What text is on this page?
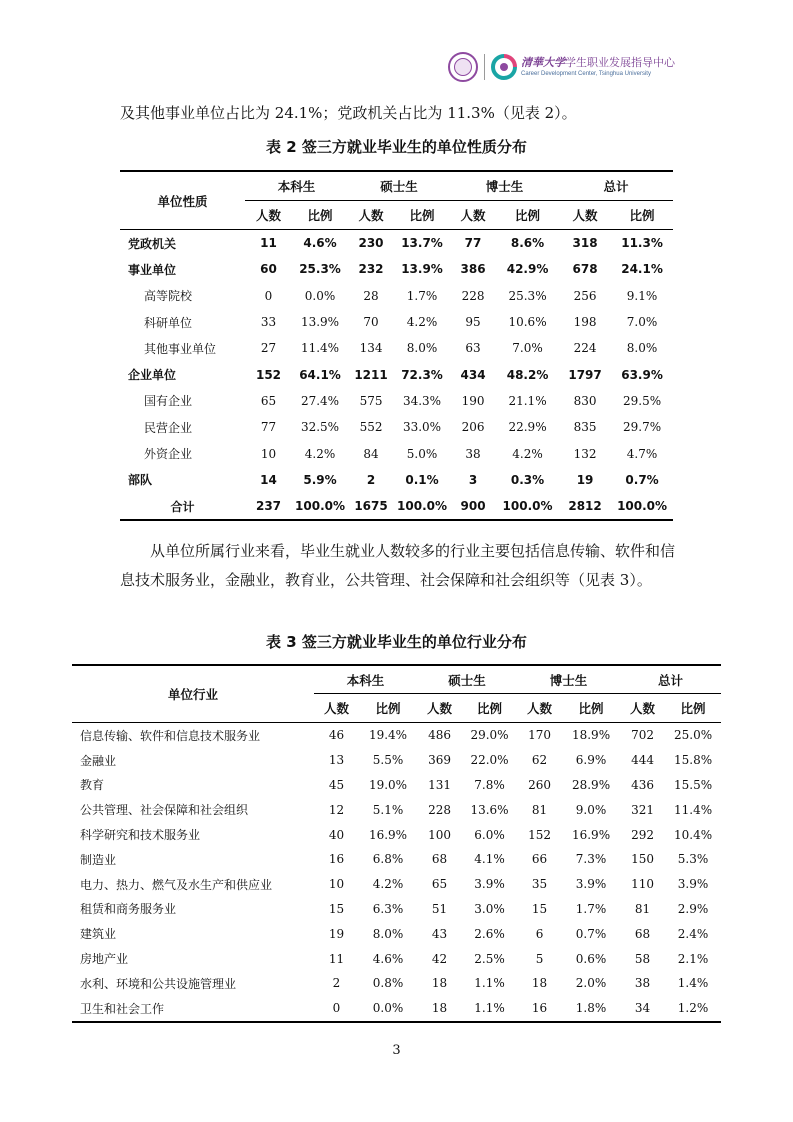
清華大学学生职业发展指导中心
Career Development Center, Tsinghua University
及其他事业单位占比为 24.1%；党政机关占比为 11.3%（见表 2）。
表 2 签三方就业毕业生的单位性质分布
单位性质	本科生		硕士生		博士生		总计	
	人数	比例	人数	比例	人数	比例	人数	比例
党政机关	11	4.6%	230	13.7%	77	8.6%	318	11.3%
事业单位	60	25.3%	232	13.9%	386	42.9%	678	24.1%
高等院校	0	0.0%	28	1.7%	228	25.3%	256	9.1%
科研单位	33	13.9%	70	4.2%	95	10.6%	198	7.0%
其他事业单位	27	11.4%	134	8.0%	63	7.0%	224	8.0%
企业单位	152	64.1%	1211	72.3%	434	48.2%	1797	63.9%
国有企业	65	27.4%	575	34.3%	190	21.1%	830	29.5%
民营企业	77	32.5%	552	33.0%	206	22.9%	835	29.7%
外资企业	10	4.2%	84	5.0%	38	4.2%	132	4.7%
部队	14	5.9%	2	0.1%	3	0.3%	19	0.7%
合计	237	100.0%	1675	100.0%	900	100.0%	2812	100.0%
从单位所属行业来看，毕业生就业人数较多的行业主要包括信息传输、软件和信息技术服务业，金融业，教育业，公共管理、社会保障和社会组织等（见表 3）。
表 3 签三方就业毕业生的单位行业分布
单位行业	本科生		硕士生		博士生		总计	
	人数	比例	人数	比例	人数	比例	人数	比例
信息传输、软件和信息技术服务业	46	19.4%	486	29.0%	170	18.9%	702	25.0%
金融业	13	5.5%	369	22.0%	62	6.9%	444	15.8%
教育	45	19.0%	131	7.8%	260	28.9%	436	15.5%
公共管理、社会保障和社会组织	12	5.1%	228	13.6%	81	9.0%	321	11.4%
科学研究和技术服务业	40	16.9%	100	6.0%	152	16.9%	292	10.4%
制造业	16	6.8%	68	4.1%	66	7.3%	150	5.3%
电力、热力、燃气及水生产和供应业	10	4.2%	65	3.9%	35	3.9%	110	3.9%
租赁和商务服务业	15	6.3%	51	3.0%	15	1.7%	81	2.9%
建筑业	19	8.0%	43	2.6%	6	0.7%	68	2.4%
房地产业	11	4.6%	42	2.5%	5	0.6%	58	2.1%
水利、环境和公共设施管理业	2	0.8%	18	1.1%	18	2.0%	38	1.4%
卫生和社会工作	0	0.0%	18	1.1%	16	1.8%	34	1.2%
3
